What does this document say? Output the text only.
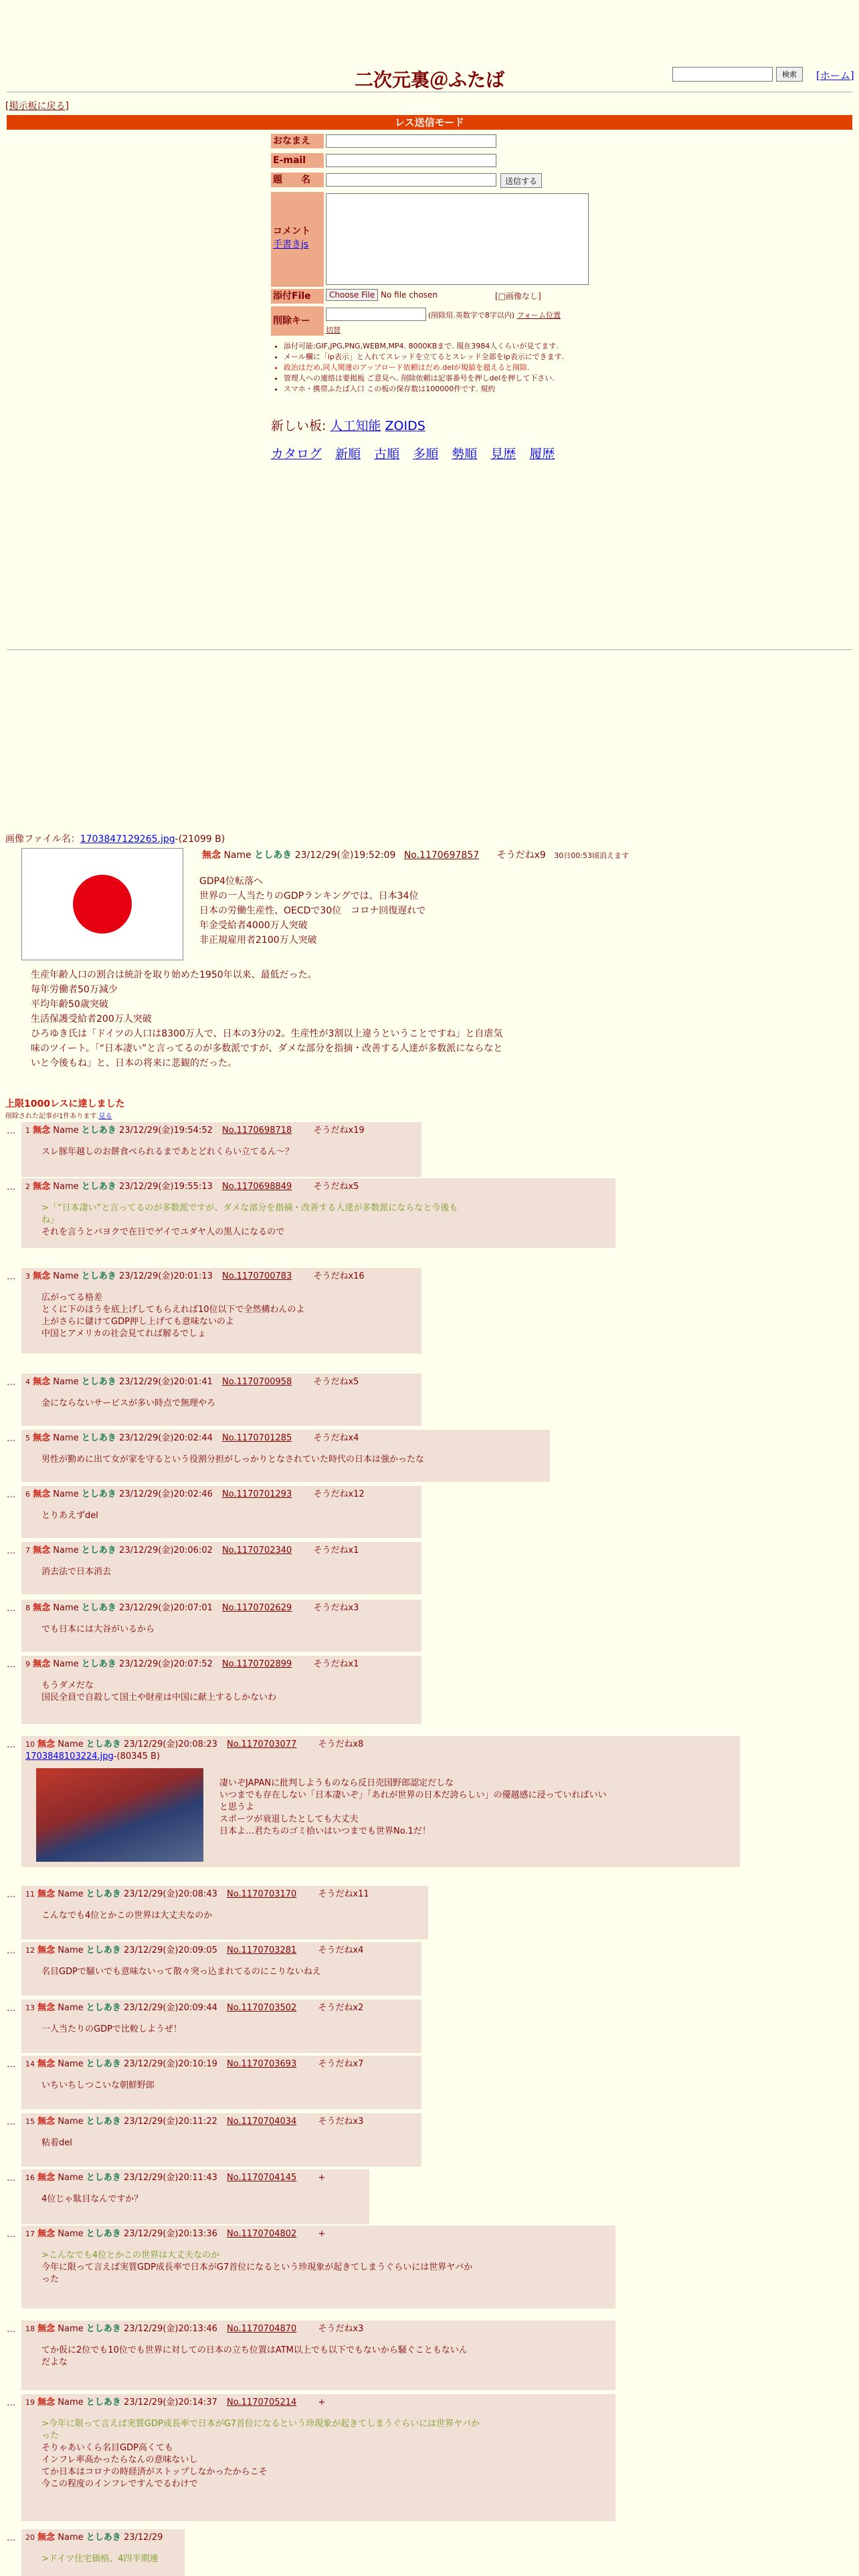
検索	[ホーム]
二次元裏＠ふたば
[掲示板に戻る]
レス送信モード
おなまえ
E-mail
題　　名	送信する
コメント
手書きjs
添付File	Choose File No file chosen	[□画像なし]
削除キー
(削除用.英数字で8字以内) フォーム位置
切替
• 添付可能:GIF,JPG,PNG,WEBM,MP4. 8000KBまで. 現在3984人くらいが見てます.
• メール欄に「ip表示」と入れてスレッドを立てるとスレッド全部をip表示にできます.
• 政治はだめ,同人関連のアップロード依頼はだめ.delが規値を超えると削除.
• 管理人への連絡は要掲板 ご意見へ. 削除依頼は記事番号を押しdelを押して下さい.
• スマホ・携帯ふたば入口 この板の保存数は100000件です. 規約
新しい板: 人工知能 ZOIDS
カタログ 新順 古順 多順 勢順 見歴 履歴
画像ファイル名：1703847129265.jpg-(21099 B)
無念 Name としあき 23/12/29(金)19:52:09 No.1170697857 そうだねx9 30日00:53頃消えます
GDP4位転落へ
世界の一人当たりのGDPランキングでは、日本34位
日本の労働生産性、OECDで30位　コロナ回復遅れで
年金受給者4000万人突破
非正規雇用者2100万人突破
生産年齢人口の割合は統計を取り始めた1950年以来、最低だった。
毎年労働者50万減少
平均年齢50歳突破
生活保護受給者200万人突破
ひろゆき氏は「ドイツの人口は8300万人で、日本の3分の2。生産性が3割以上違うということですね」と自虐気
味のツイート。「“日本凄い”と言ってるのが多数派ですが、ダメな部分を指摘・改善する人達が多数派にならなと
いと今後もね」と、日本の将来に悲観的だった。
上限1000レスに達しました
削除された記事が1件あります.見る
… 1 無念 Name としあき 23/12/29(金)19:54:52 No.1170698718 そうだねx19
スレ豚年越しのお餅食べられるまであとどれくらい立てるん～？
… 2 無念 Name としあき 23/12/29(金)19:55:13 No.1170698849 そうだねx5
>「“日本凄い”と言ってるのが多数派ですが、ダメな部分を指摘・改善する人達が多数派にならなと今後も
ね」
それを言うとパヨクで在日でゲイでユダヤ人の黒人になるので
… 3 無念 Name としあき 23/12/29(金)20:01:13 No.1170700783 そうだねx16
広がってる格差
とくに下のほうを底上げしてもらえれば10位以下で全然構わんのよ
上がさらに儲けてGDP押し上げても意味ないのよ
中国とアメリカの社会見てれば解るでしょ
… 4 無念 Name としあき 23/12/29(金)20:01:41 No.1170700958 そうだねx5
金にならないサービスが多い時点で無理やろ
… 5 無念 Name としあき 23/12/29(金)20:02:44 No.1170701285 そうだねx4
男性が勤めに出て女が家を守るという役割分担がしっかりとなされていた時代の日本は強かったな
… 6 無念 Name としあき 23/12/29(金)20:02:46 No.1170701293 そうだねx12
とりあえずdel
… 7 無念 Name としあき 23/12/29(金)20:06:02 No.1170702340 そうだねx1
消去法で日本消去
… 8 無念 Name としあき 23/12/29(金)20:07:01 No.1170702629 そうだねx3
でも日本には大谷がいるから
… 9 無念 Name としあき 23/12/29(金)20:07:52 No.1170702899 そうだねx1
もうダメだな
国民全員で自殺して国土や財産は中国に献上するしかないわ
… 10 無念 Name としあき 23/12/29(金)20:08:23 No.1170703077 そうだねx8
1703848103224.jpg-(80345 B)
凄いぞJAPANに批判しようものなら反日売国野郎認定だしな
いつまでも存在しない「日本凄いぞ」「あれが世界の日本だ誇らしい」の優越感に浸っていればいい
と思うよ
スポーツが衰退したとしても大丈夫
日本よ…君たちのゴミ拾いはいつまでも世界No.1だ！
… 11 無念 Name としあき 23/12/29(金)20:08:43 No.1170703170 そうだねx11
こんなでも4位とかこの世界は大丈夫なのか
… 12 無念 Name としあき 23/12/29(金)20:09:05 No.1170703281 そうだねx4
名目GDPで騒いでも意味ないって散々突っ込まれてるのにこりないねえ
… 13 無念 Name としあき 23/12/29(金)20:09:44 No.1170703502 そうだねx2
一人当たりのGDPで比較しようぜ！
… 14 無念 Name としあき 23/12/29(金)20:10:19 No.1170703693 そうだねx7
いちいちしつこいな朝鮮野郎
… 15 無念 Name としあき 23/12/29(金)20:11:22 No.1170704034 そうだねx3
粘着del
… 16 無念 Name としあき 23/12/29(金)20:11:43 No.1170704145 +
4位じゃ駄目なんですか？
… 17 無念 Name としあき 23/12/29(金)20:13:36 No.1170704802 +
>こんなでも4位とかこの世界は大丈夫なのか
今年に限って言えば実質GDP成長率で日本がG7首位になるという珍現象が起きてしまうぐらいには世界ヤバか
った
… 18 無念 Name としあき 23/12/29(金)20:13:46 No.1170704870 そうだねx3
てか仮に2位でも10位でも世界に対しての日本の立ち位置はATM以上でも以下でもないから騒ぐこともないん
だよな
… 19 無念 Name としあき 23/12/29(金)20:14:37 No.1170705214 +
>今年に限って言えば実質GDP成長率で日本がG7首位になるという珍現象が起きてしまうぐらいには世界ヤバか
った
そりゃあいくら名目GDP高くても
インフレ率高かったらなんの意味ないし
てか日本はコロナの時経済がストップしなかったからこそ
今この程度のインフレですんでるわけで
… 20 無念 Name としあき 23/12/29
>ドイツ住宅価格、4四半期連
